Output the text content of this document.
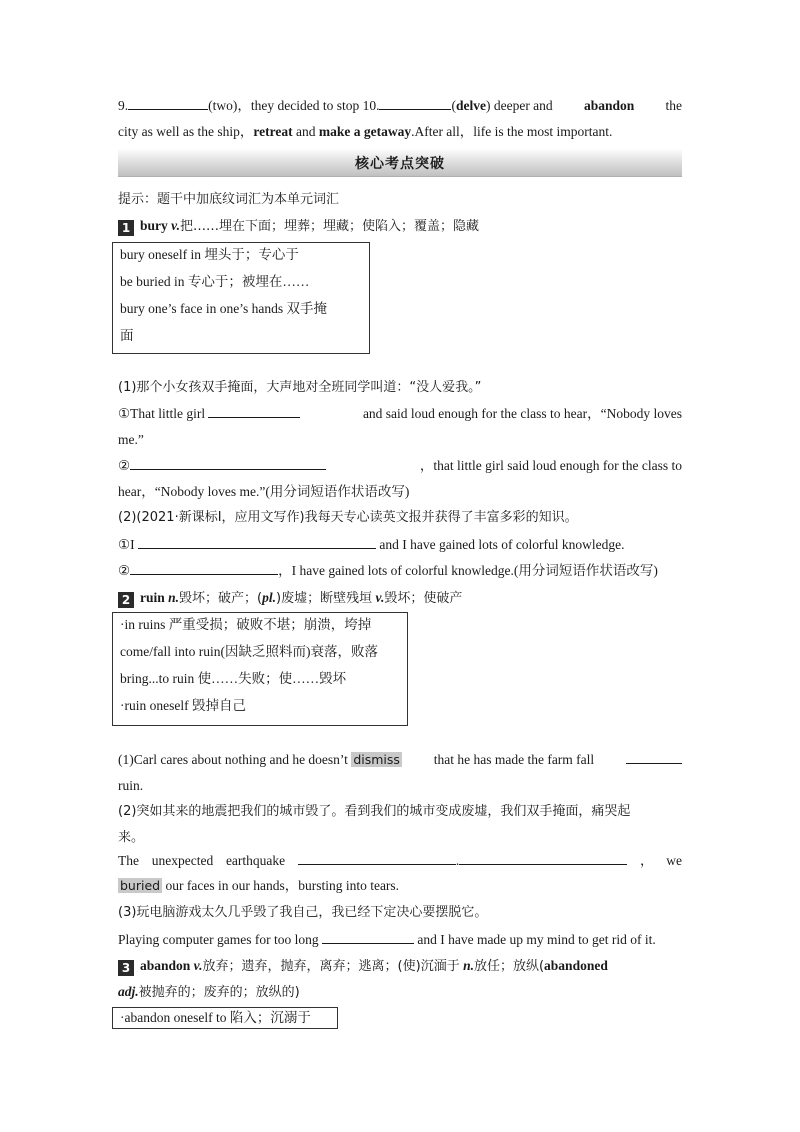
9.	(two)，they decided to stop 10.	(delve) deeper and abandon the
city as well as the ship，retreat and make a getaway.After all，life is the most important.
核心考点突破
提示：题干中加底纹词汇为本单元词汇
1 bury v.把……埋在下面；埋葬；埋藏；使陷入；覆盖；隐藏
bury oneself in 埋头于；专心于
be buried in 专心于；被埋在……
bury one’s face in one’s hands 双手掩
面
(1)那个小女孩双手掩面，大声地对全班同学叫道：“没人爱我。”
①That little girl	and said loud enough for the class to hear，“Nobody loves
me.”
②	，that little girl said loud enough for the class to
hear，“Nobody loves me.”(用分词短语作状语改写)
(2)(2021·新课标Ⅰ，应用文写作)我每天专心读英文报并获得了丰富多彩的知识。
①I	and I have gained lots of colorful knowledge.
②	，I have gained lots of colorful knowledge.(用分词短语作状语改写)
2 ruin n.毁坏；破产；(pl.)废墟；断壁残垣 v.毁坏；使破产
·in ruins 严重受损；破败不堪；崩溃，垮掉
come/fall into ruin(因缺乏照料而)衰落，败落
bring...to ruin 使……失败；使……毁坏
·ruin oneself 毁掉自己
(1)Carl cares about nothing and he doesn’t dismiss	that he has made the farm fall
ruin.
(2)突如其来的地震把我们的城市毁了。看到我们的城市变成废墟，我们双手掩面，痛哭起
来。
The unexpected earthquake	.	， we
buried our faces in our hands，bursting into tears.
(3)玩电脑游戏太久几乎毁了我自己，我已经下定决心要摆脱它。
Playing computer games for too long	and I have made up my mind to get rid of it.
3 abandon v.放弃；遗弃，抛弃，离弃；逃离；(使)沉湎于 n.放任；放纵(abandoned
adj.被抛弃的；废弃的；放纵的)
·abandon oneself to 陷入；沉溺于
